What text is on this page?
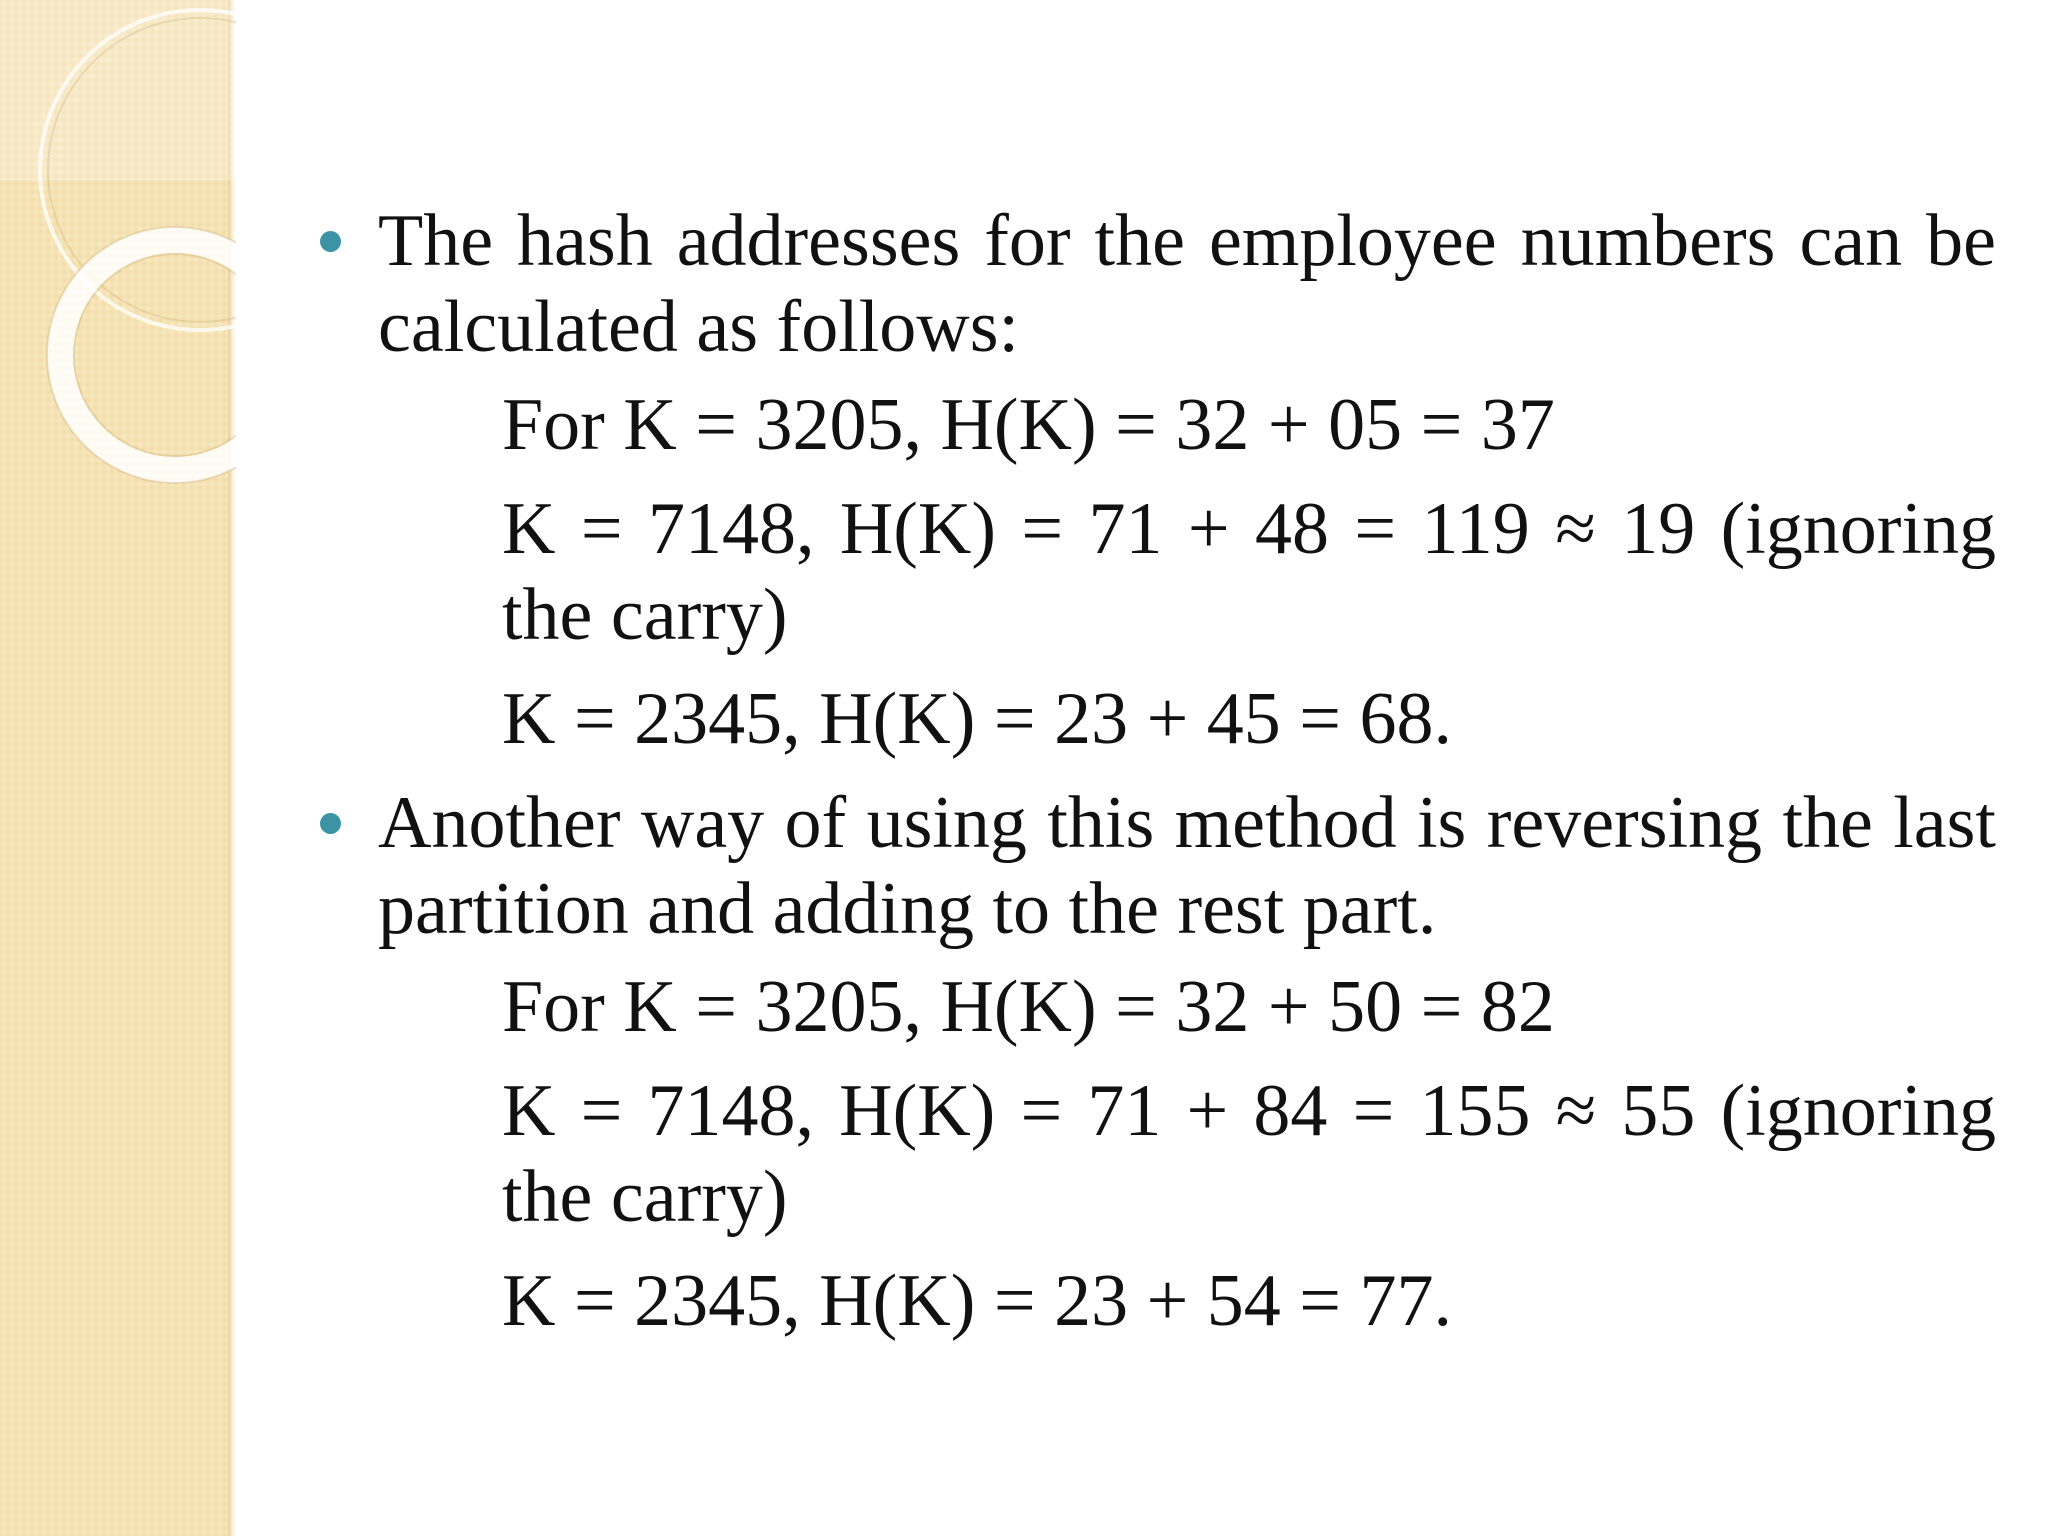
The hash addresses for the employee numbers can be calculated as follows:
For K = 3205, H(K) = 32 + 05 = 37
K = 7148, H(K) = 71 + 48 = 119 ≈ 19 (ignoring the carry)
K = 2345, H(K) = 23 + 45 = 68.
Another way of using this method is reversing the last partition and adding to the rest part.
For K = 3205, H(K) = 32 + 50 = 82
K = 7148, H(K) = 71 + 84 = 155 ≈ 55 (ignoring the carry)
K = 2345, H(K) = 23 + 54 = 77.
